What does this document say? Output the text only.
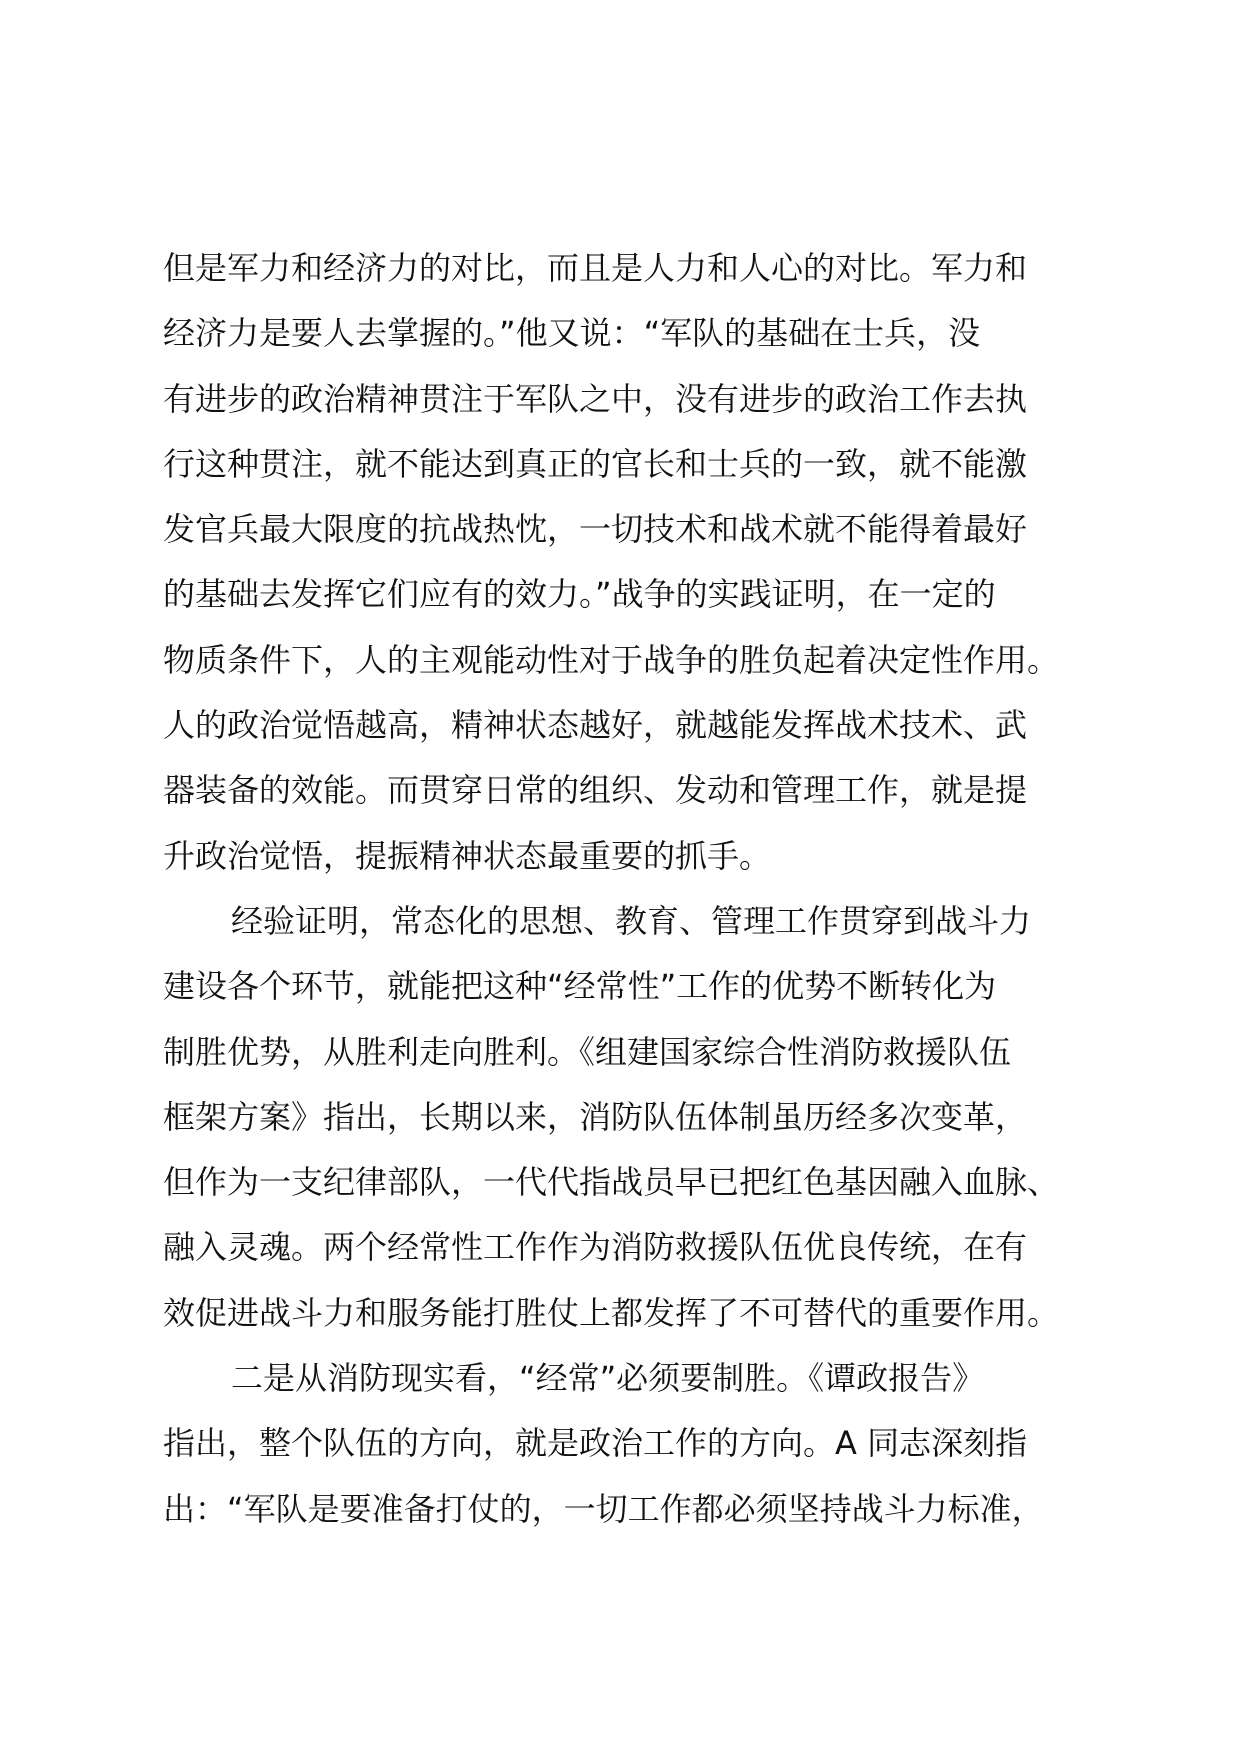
但是军力和经济力的对比，而且是人力和人心的对比。军力和
经济力是要人去掌握的。”他又说：“军队的基础在士兵，没
有进步的政治精神贯注于军队之中，没有进步的政治工作去执
行这种贯注，就不能达到真正的官长和士兵的一致，就不能激
发官兵最大限度的抗战热忱，一切技术和战术就不能得着最好
的基础去发挥它们应有的效力。”战争的实践证明，在一定的
物质条件下，人的主观能动性对于战争的胜负起着决定性作用。
人的政治觉悟越高，精神状态越好，就越能发挥战术技术、武
器装备的效能。而贯穿日常的组织、发动和管理工作，就是提
升政治觉悟，提振精神状态最重要的抓手。
经验证明，常态化的思想、教育、管理工作贯穿到战斗力
建设各个环节，就能把这种“经常性”工作的优势不断转化为
制胜优势，从胜利走向胜利。《组建国家综合性消防救援队伍
框架方案》指出，长期以来，消防队伍体制虽历经多次变革，
但作为一支纪律部队，一代代指战员早已把红色基因融入血脉、
融入灵魂。两个经常性工作作为消防救援队伍优良传统，在有
效促进战斗力和服务能打胜仗上都发挥了不可替代的重要作用。
二是从消防现实看，“经常”必须要制胜。《谭政报告》
指出，整个队伍的方向，就是政治工作的方向。A 同志深刻指
出：“军队是要准备打仗的，一切工作都必须坚持战斗力标准，
